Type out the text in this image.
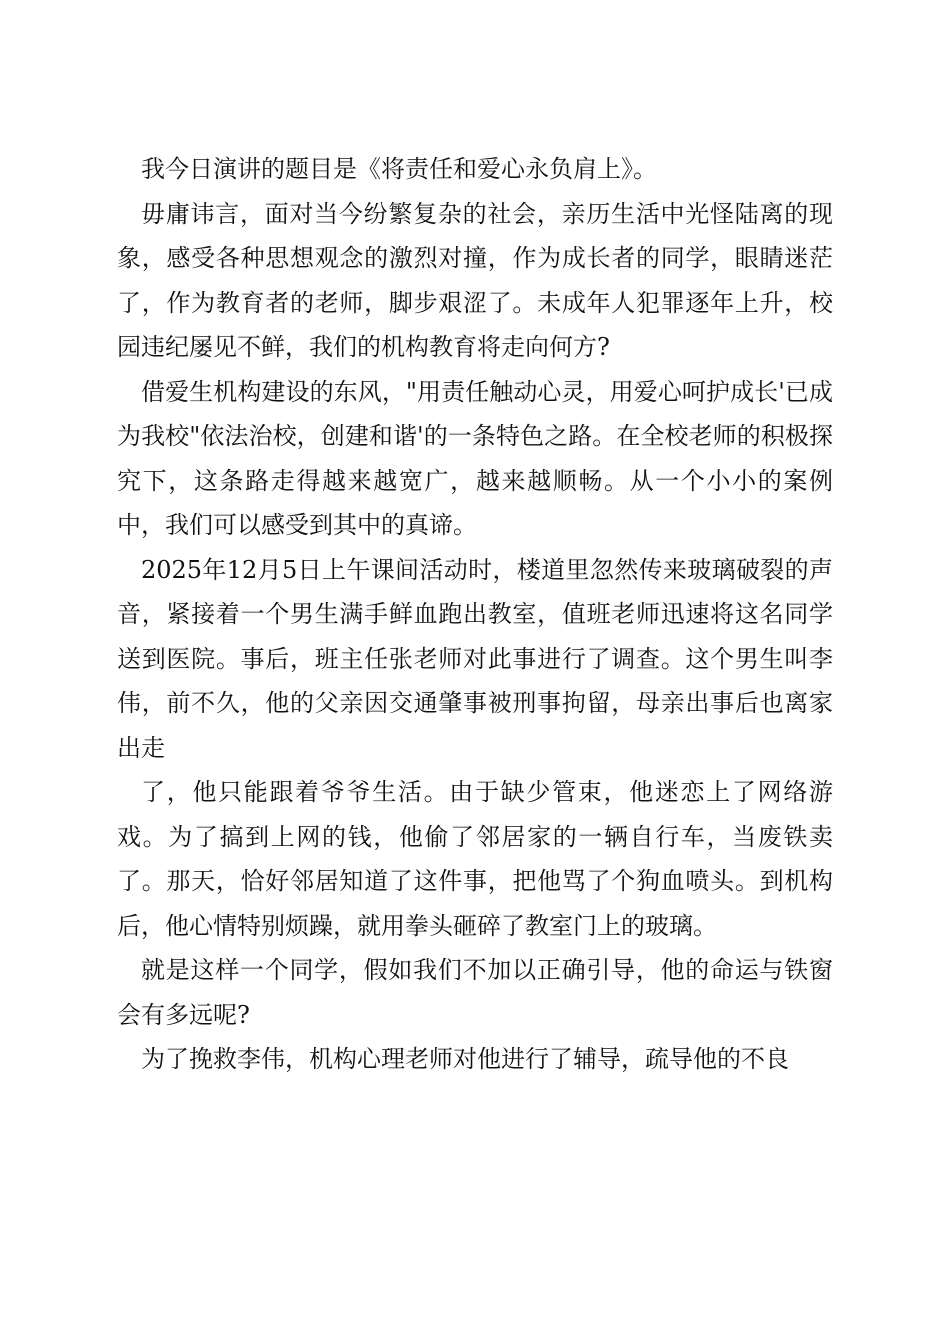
我今日演讲的题目是《将责任和爱心永负肩上》。

毋庸讳言，面对当今纷繁复杂的社会，亲历生活中光怪陆离的现象，感受各种思想观念的激烈对撞，作为成长者的同学，眼睛迷茫了，作为教育者的老师，脚步艰涩了。未成年人犯罪逐年上升，校园违纪屡见不鲜，我们的机构教育将走向何方?

借爱生机构建设的东风，"用责任触动心灵，用爱心呵护成长'已成为我校"依法治校，创建和谐'的一条特色之路。在全校老师的积极探究下，这条路走得越来越宽广，越来越顺畅。从一个小小的案例中，我们可以感受到其中的真谛。

2025年12月5日上午课间活动时，楼道里忽然传来玻璃破裂的声音，紧接着一个男生满手鲜血跑出教室，值班老师迅速将这名同学送到医院。事后，班主任张老师对此事进行了调查。这个男生叫李伟，前不久，他的父亲因交通肇事被刑事拘留，母亲出事后也离家出走

了，他只能跟着爷爷生活。由于缺少管束，他迷恋上了网络游戏。为了搞到上网的钱，他偷了邻居家的一辆自行车，当废铁卖了。那天，恰好邻居知道了这件事，把他骂了个狗血喷头。到机构后，他心情特别烦躁，就用拳头砸碎了教室门上的玻璃。

就是这样一个同学，假如我们不加以正确引导，他的命运与铁窗会有多远呢?

为了挽救李伟，机构心理老师对他进行了辅导，疏导他的不良
